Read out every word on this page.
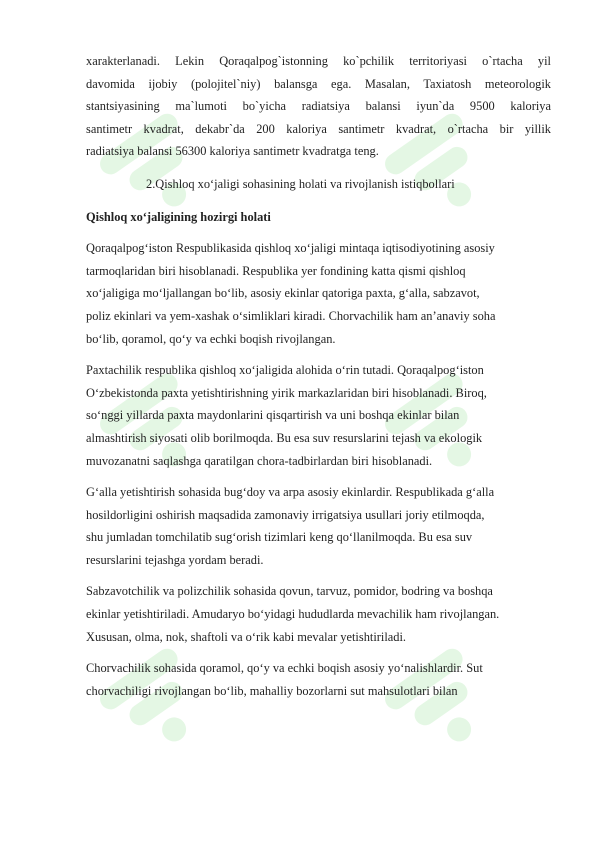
xarakterlanadi. Lekin Qoraqalpog`istonning ko`pchilik territoriyasi o`rtacha yil
davomida ijobiy (polojitel`niy) balansga ega. Masalan, Taxiatosh meteorologik
stantsiyasining ma`lumoti bo`yicha radiatsiya balansi iyun`da 9500 kaloriya
santimetr kvadrat, dekabr`da 200 kaloriya santimetr kvadrat, o`rtacha bir yillik
radiatsiya balansi 56300 kaloriya santimetr kvadratga teng.
2.Qishloq xo‘jaligi sohasining holati va rivojlanish istiqbollari
Qishloq xo‘jaligining hozirgi holati
Qoraqalpog‘iston Respublikasida qishloq xo‘jaligi mintaqa iqtisodiyotining asosiy
tarmoqlaridan biri hisoblanadi. Respublika yer fondining katta qismi qishloq
xo‘jaligiga mo‘ljallangan bo‘lib, asosiy ekinlar qatoriga paxta, g‘alla, sabzavot,
poliz ekinlari va yem-xashak o‘simliklari kiradi. Chorvachilik ham an’anaviy soha
bo‘lib, qoramol, qo‘y va echki boqish rivojlangan.
Paxtachilik respublika qishloq xo‘jaligida alohida o‘rin tutadi. Qoraqalpog‘iston
O‘zbekistonda paxta yetishtirishning yirik markazlaridan biri hisoblanadi. Biroq,
so‘nggi yillarda paxta maydonlarini qisqartirish va uni boshqa ekinlar bilan
almashtirish siyosati olib borilmoqda. Bu esa suv resurslarini tejash va ekologik
muvozanatni saqlashga qaratilgan chora-tadbirlardan biri hisoblanadi.
G‘alla yetishtirish sohasida bug‘doy va arpa asosiy ekinlardir. Respublikada g‘alla
hosildorligini oshirish maqsadida zamonaviy irrigatsiya usullari joriy etilmoqda,
shu jumladan tomchilatib sug‘orish tizimlari keng qo‘llanilmoqda. Bu esa suv
resurslarini tejashga yordam beradi.
Sabzavotchilik va polizchilik sohasida qovun, tarvuz, pomidor, bodring va boshqa
ekinlar yetishtiriladi. Amudaryo bo‘yidagi hududlarda mevachilik ham rivojlangan.
Xususan, olma, nok, shaftoli va o‘rik kabi mevalar yetishtiriladi.
Chorvachilik sohasida qoramol, qo‘y va echki boqish asosiy yo‘nalishlardir. Sut
chorvachiligi rivojlangan bo‘lib, mahalliy bozorlarni sut mahsulotlari bilan
